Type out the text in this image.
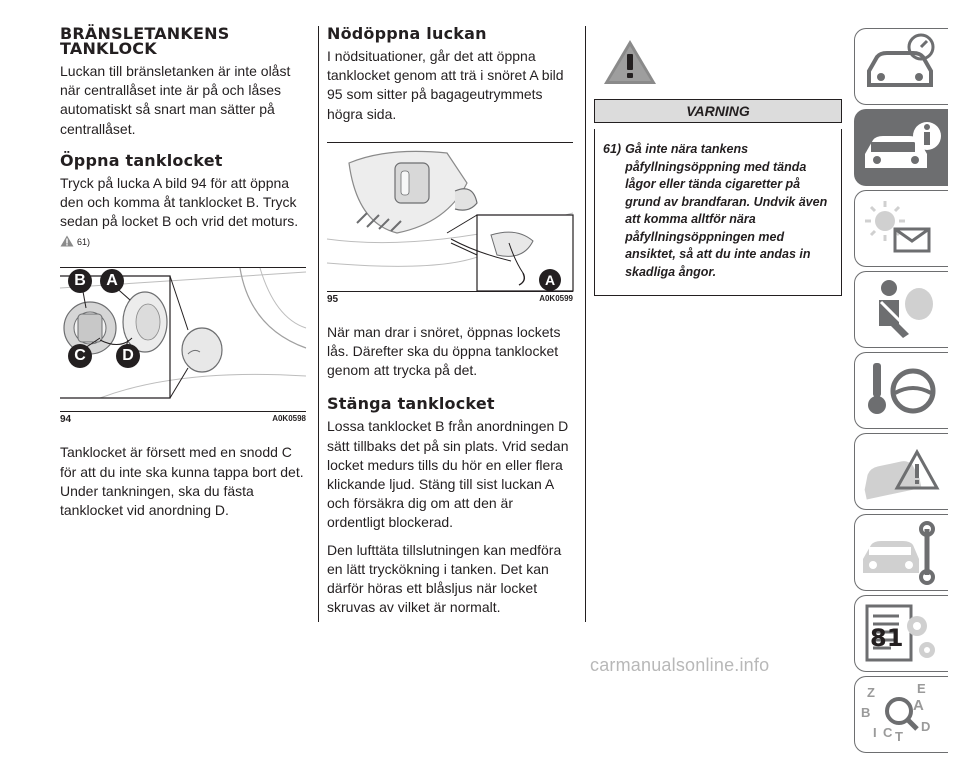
BRÄNSLETANKENS TANKLOCK

Luckan till bränsletanken är inte olåst när centrallåset inte är på och låses automatiskt så snart man sätter på centrallåset.

Öppna tanklocket

Tryck på lucka A bild 94 för att öppna den och komma åt tanklocket B. Tryck sedan på locket B och vrid det moturs.

61)
B	A
C	D
94	A0K0598

Tanklocket är försett med en snodd C för att du inte ska kunna tappa bort det. Under tankningen, ska du fästa tanklocket vid anordning D.

Nödöppna luckan

I nödsituationer, går det att öppna tanklocket genom att trä i snöret A bild 95 som sitter på bagageutrymmets högra sida.

A
95	A0K0599

När man drar i snöret, öppnas lockets lås. Därefter ska du öppna tanklocket genom att trycka på det.

Stänga tanklocket

Lossa tanklocket B från anordningen D sätt tillbaks det på sin plats. Vrid sedan locket medurs tills du hör en eller flera klickande ljud. Stäng till sist luckan A och försäkra dig om att den är ordentligt blockerad.

Den lufttäta tillslutningen kan medföra en lätt tryckökning i tanken. Det kan därför höras ett blåsljus när locket skruvas av vilket är normalt.

VARNING
61) Gå inte nära tankens påfyllningsöppning med tända lågor eller tända cigaretter på grund av brandfaran. Undvik även att komma alltför nära påfyllningsöppningen med ansiktet, så att du inte andas in skadliga ångor.
Z	E
B	A
I C T
D
81
carmanualsonline.info
